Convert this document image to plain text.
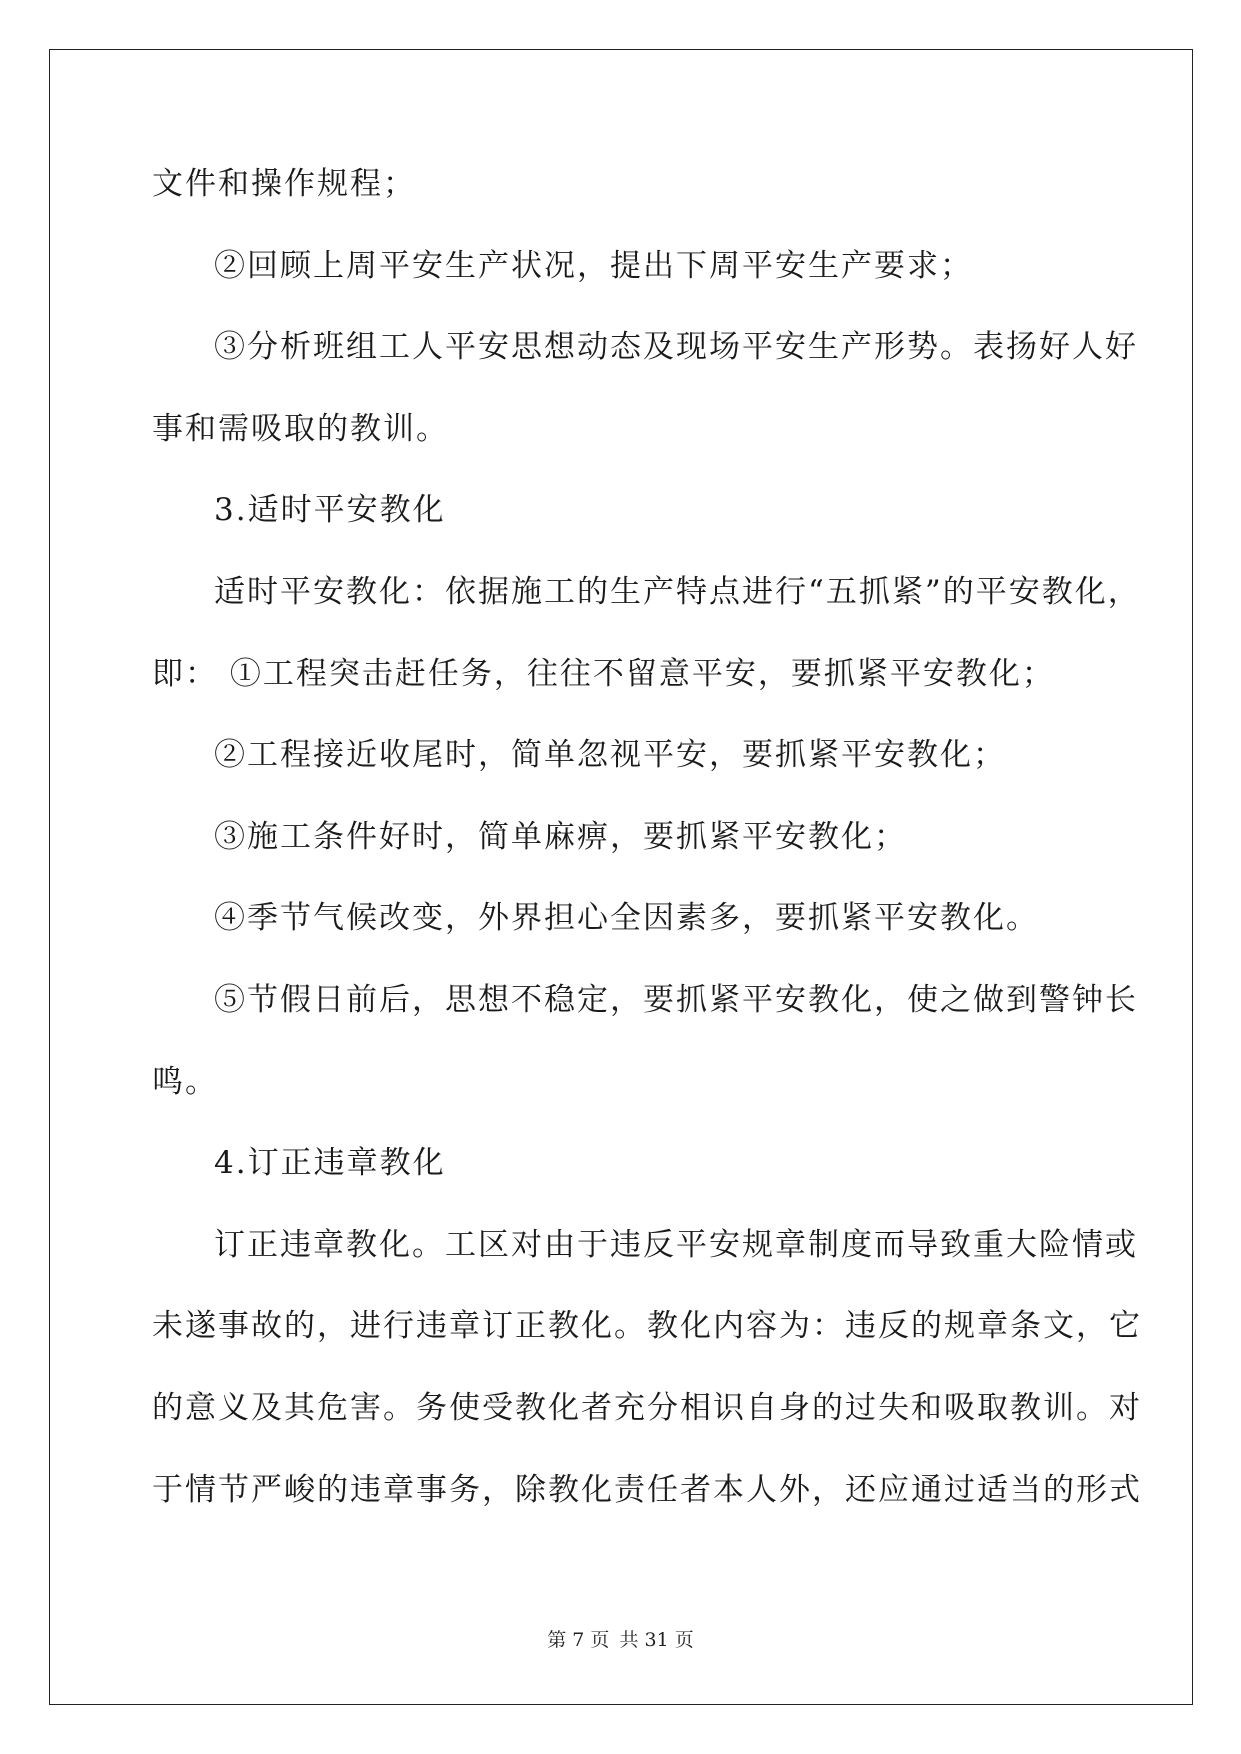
文件和操作规程；
②回顾上周平安生产状况，提出下周平安生产要求；
③分析班组工人平安思想动态及现场平安生产形势。表扬好人好
事和需吸取的教训。
3.适时平安教化
适时平安教化：依据施工的生产特点进行“五抓紧”的平安教化，
即： ①工程突击赶任务，往往不留意平安，要抓紧平安教化；
②工程接近收尾时，简单忽视平安，要抓紧平安教化；
③施工条件好时，简单麻痹，要抓紧平安教化；
④季节气候改变，外界担心全因素多，要抓紧平安教化。
⑤节假日前后，思想不稳定，要抓紧平安教化，使之做到警钟长
鸣。
4.订正违章教化
订正违章教化。工区对由于违反平安规章制度而导致重大险情或
未遂事故的，进行违章订正教化。教化内容为：违反的规章条文，它
的意义及其危害。务使受教化者充分相识自身的过失和吸取教训。对
于情节严峻的违章事务，除教化责任者本人外，还应通过适当的形式
第 7 页 共 31 页
